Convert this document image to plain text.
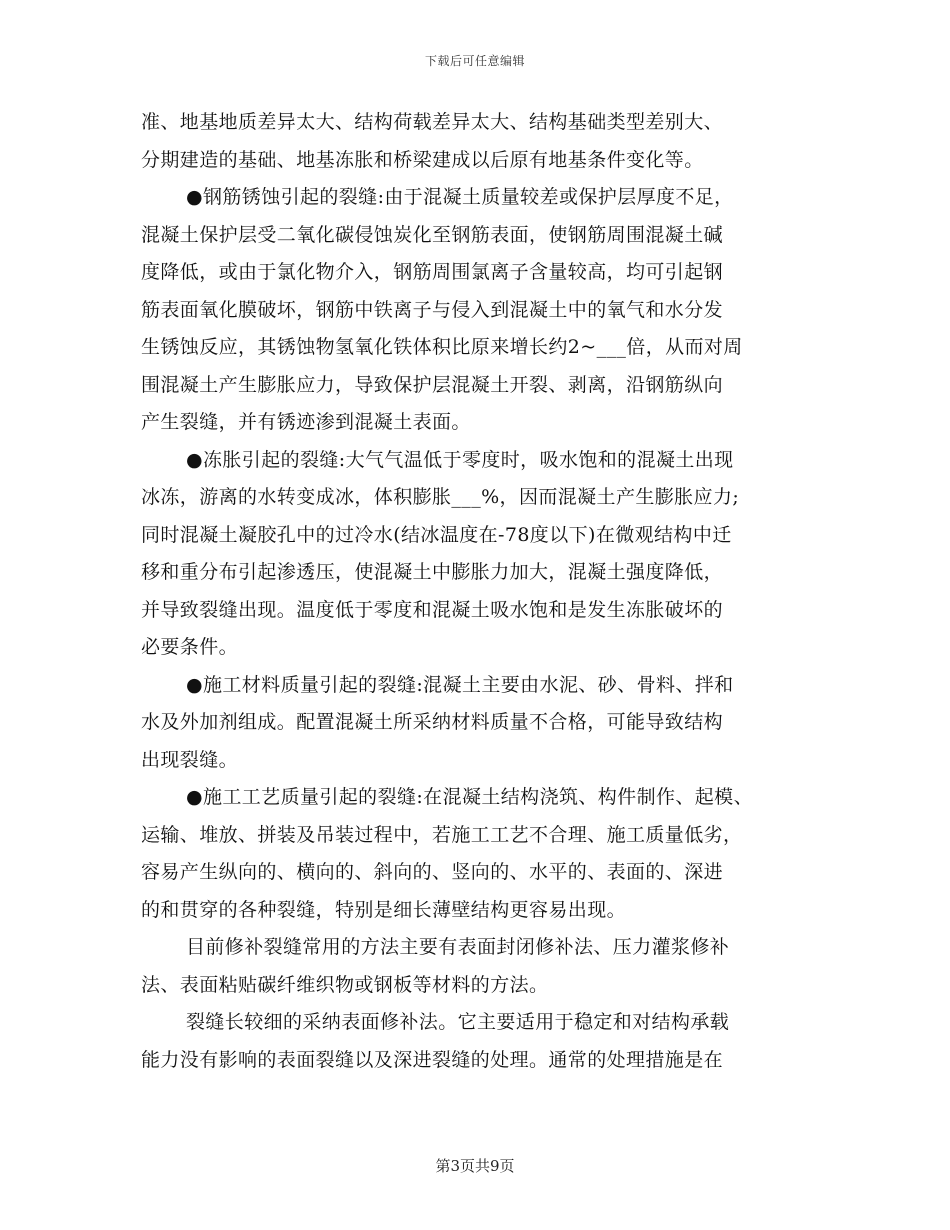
下载后可任意编辑
准、地基地质差异太大、结构荷载差异太大、结构基础类型差别大、
分期建造的基础、地基冻胀和桥梁建成以后原有地基条件变化等。
●钢筋锈蚀引起的裂缝:由于混凝土质量较差或保护层厚度不足，
混凝土保护层受二氧化碳侵蚀炭化至钢筋表面，使钢筋周围混凝土碱
度降低，或由于氯化物介入，钢筋周围氯离子含量较高，均可引起钢
筋表面氧化膜破坏，钢筋中铁离子与侵入到混凝土中的氧气和水分发
生锈蚀反应，其锈蚀物氢氧化铁体积比原来增长约2~___倍，从而对周
围混凝土产生膨胀应力，导致保护层混凝土开裂、剥离，沿钢筋纵向
产生裂缝，并有锈迹渗到混凝土表面。
●冻胀引起的裂缝:大气气温低于零度时，吸水饱和的混凝土出现
冰冻，游离的水转变成冰，体积膨胀___%，因而混凝土产生膨胀应力;
同时混凝土凝胶孔中的过冷水(结冰温度在-78度以下)在微观结构中迁
移和重分布引起渗透压，使混凝土中膨胀力加大，混凝土强度降低，
并导致裂缝出现。温度低于零度和混凝土吸水饱和是发生冻胀破坏的
必要条件。
●施工材料质量引起的裂缝:混凝土主要由水泥、砂、骨料、拌和
水及外加剂组成。配置混凝土所采纳材料质量不合格，可能导致结构
出现裂缝。
●施工工艺质量引起的裂缝:在混凝土结构浇筑、构件制作、起模、
运输、堆放、拼装及吊装过程中，若施工工艺不合理、施工质量低劣，
容易产生纵向的、横向的、斜向的、竖向的、水平的、表面的、深进
的和贯穿的各种裂缝，特别是细长薄壁结构更容易出现。
目前修补裂缝常用的方法主要有表面封闭修补法、压力灌浆修补
法、表面粘贴碳纤维织物或钢板等材料的方法。
裂缝长较细的采纳表面修补法。它主要适用于稳定和对结构承载
能力没有影响的表面裂缝以及深进裂缝的处理。通常的处理措施是在
第3页共9页
